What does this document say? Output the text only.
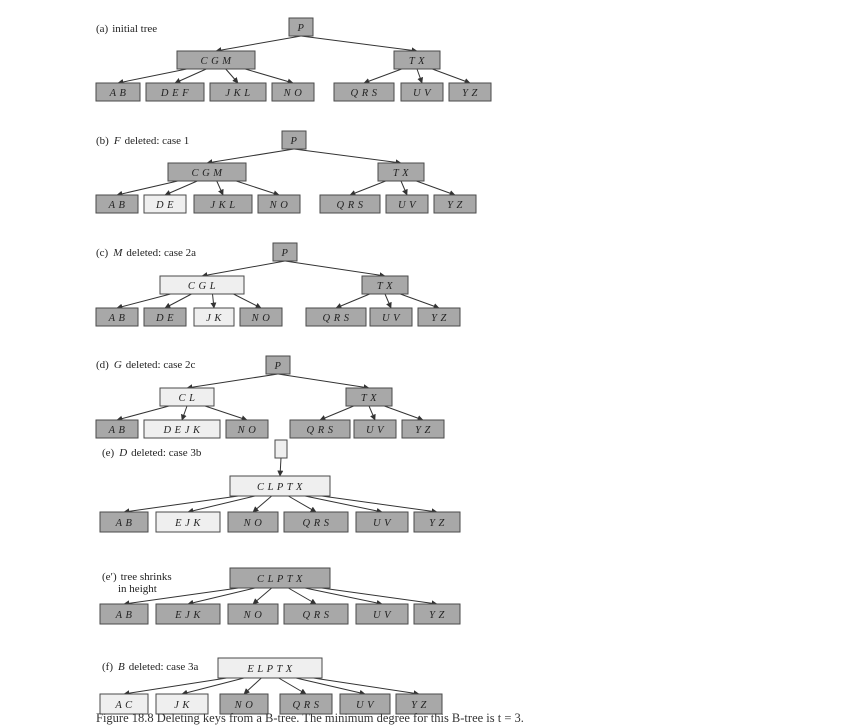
(a) initial tree	P
C G M	T X
A B	D E F	J K L	N O	Q R S	U V	Y Z
(b) F deleted: case 1	P
C G M	T X
A B	D E	J K L	N O	Q R S	U V	Y Z
(c) M deleted: case 2a	P
C G L	T X
A B	D E	J K	N O	Q R S	U V	Y Z
(d) G deleted: case 2c	P
C L	T X
A B	D E J K	N O	Q R S	U V	Y Z
(e) D deleted: case 3b
C L P T X
A B	E J K	N O	Q R S	U V	Y Z
(e′) tree shrinks
in height
C L P T X
A B	E J K	N O	Q R S	U V	Y Z
(f) B deleted: case 3a	E L P T X
A C	J K	N O	Q R S	U V	Y Z
Figure 18.8 Deleting keys from a B-tree. The minimum degree for this B-tree is t = 3.
